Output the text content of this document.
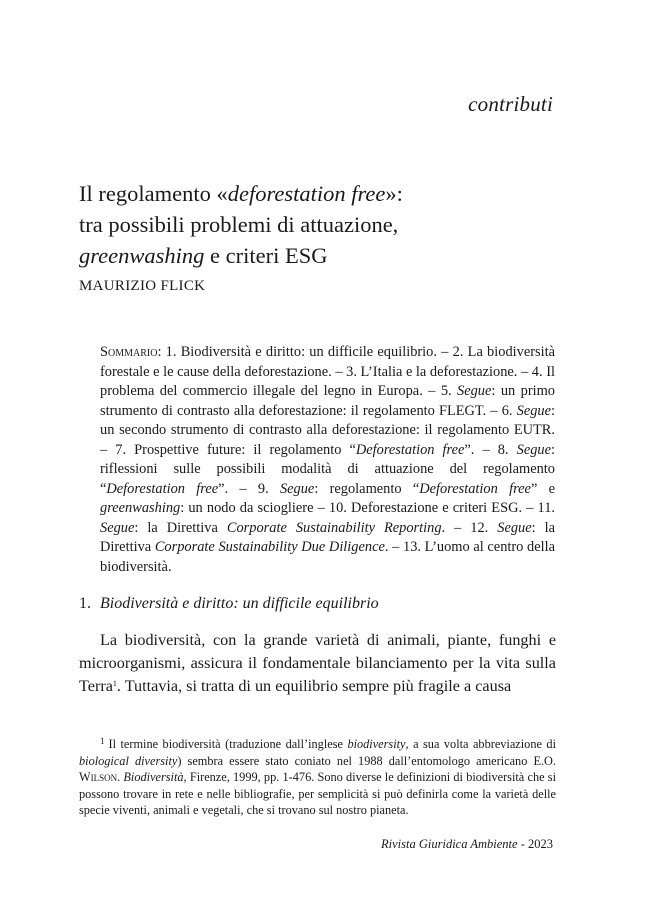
contributi
Il regolamento «deforestation free»:
tra possibili problemi di attuazione,
greenwashing e criteri ESG
MAURIZIO FLICK

Sommario: 1. Biodiversità e diritto: un difficile equilibrio. – 2. La biodiversità forestale e le cause della deforestazione. – 3. L’Italia e la deforestazione. – 4. Il problema del commercio illegale del legno in Europa. – 5. Segue: un primo strumento di contrasto alla deforestazione: il regolamento FLEGT. – 6. Segue: un secondo strumento di contrasto alla deforestazione: il regolamento EUTR. – 7. Prospettive future: il regolamento “Deforestation free”. – 8. Segue: riflessioni sulle possibili modalità di attuazione del regolamento “Deforestation free”. – 9. Segue: regolamento “Deforestation free” e greenwashing: un nodo da sciogliere – 10. Deforestazione e criteri ESG. – 11. Segue: la Direttiva Corporate Sustainability Reporting. – 12. Segue: la Direttiva Corporate Sustainability Due Diligence. – 13. L’uomo al centro della biodiversità.

1. Biodiversità e diritto: un difficile equilibrio

La biodiversità, con la grande varietà di animali, piante, funghi e microorganismi, assicura il fondamentale bilanciamento per la vita sulla Terra$^1$. Tuttavia, si tratta di un equilibrio sempre più fragile a causa

$^1$ Il termine biodiversità (traduzione dall’inglese biodiversity, a sua volta abbreviazione di biological diversity) sembra essere stato coniato nel 1988 dall’entomologo americano E.O. Wilson. Biodiversità, Firenze, 1999, pp. 1-476. Sono diverse le definizioni di biodiversità che si possono trovare in rete e nelle bibliografie, per semplicità si può definirla come la varietà delle specie viventi, animali e vegetali, che si trovano sul nostro pianeta.

Rivista Giuridica Ambiente - 2023
